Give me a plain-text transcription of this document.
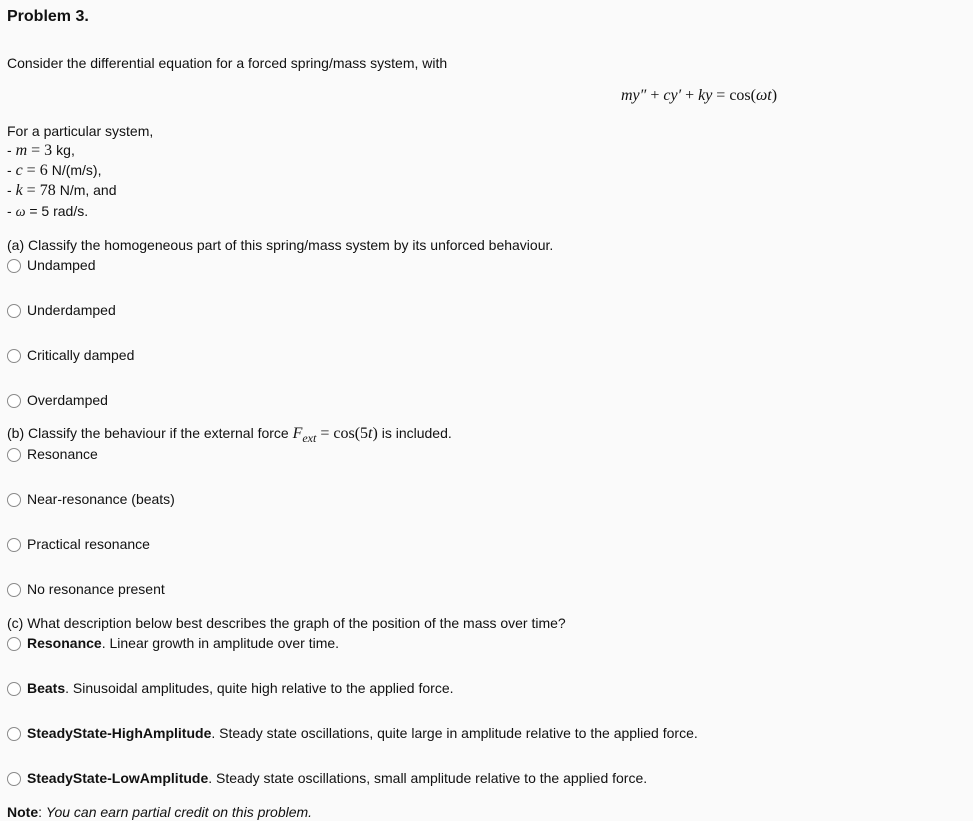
Problem 3.
Consider the differential equation for a forced spring/mass system, with
my″ + cy′ + ky = cos(ωt)
For a particular system,
- m = 3 kg,
- c = 6 N/(m/s),
- k = 78 N/m, and
- ω = 5 rad/s.
(a) Classify the homogeneous part of this spring/mass system by its unforced behaviour.
Undamped
Underdamped
Critically damped
Overdamped
(b) Classify the behaviour if the external force Fext = cos(5t) is included.
Resonance
Near-resonance (beats)
Practical resonance
No resonance present
(c) What description below best describes the graph of the position of the mass over time?
Resonance. Linear growth in amplitude over time.
Beats. Sinusoidal amplitudes, quite high relative to the applied force.
SteadyState-HighAmplitude. Steady state oscillations, quite large in amplitude relative to the applied force.
SteadyState-LowAmplitude. Steady state oscillations, small amplitude relative to the applied force.
Note: You can earn partial credit on this problem.
